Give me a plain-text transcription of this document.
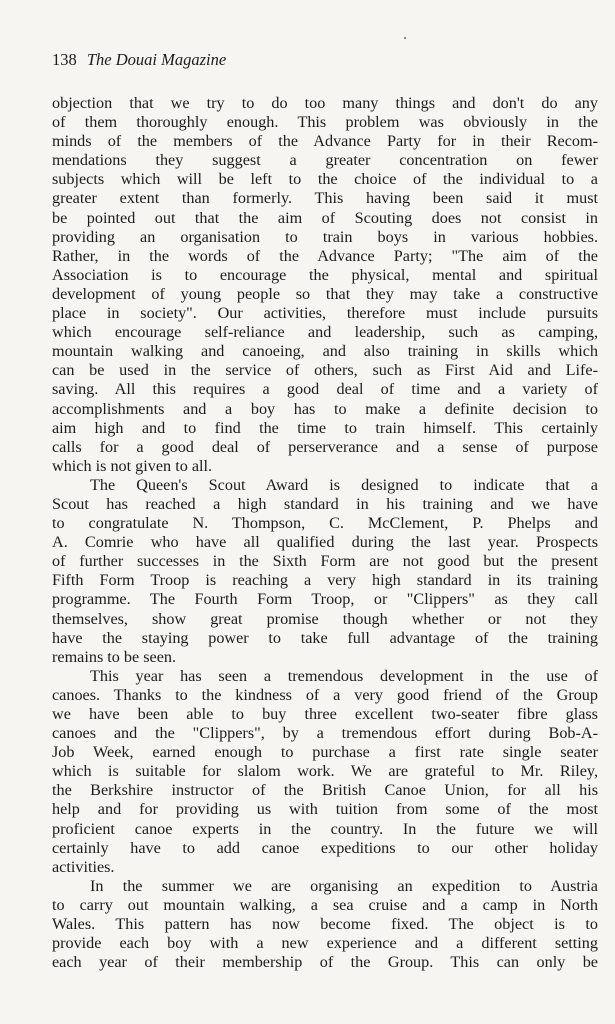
138 The Douai Magazine
objection that we try to do too many things and don't do any
of them thoroughly enough. This problem was obviously in the
minds of the members of the Advance Party for in their Recom-
mendations they suggest a greater concentration on fewer
subjects which will be left to the choice of the individual to a
greater extent than formerly. This having been said it must
be pointed out that the aim of Scouting does not consist in
providing an organisation to train boys in various hobbies.
Rather, in the words of the Advance Party; "The aim of the
Association is to encourage the physical, mental and spiritual
development of young people so that they may take a constructive
place in society". Our activities, therefore must include pursuits
which encourage self-reliance and leadership, such as camping,
mountain walking and canoeing, and also training in skills which
can be used in the service of others, such as First Aid and Life-
saving. All this requires a good deal of time and a variety of
accomplishments and a boy has to make a definite decision to
aim high and to find the time to train himself. This certainly
calls for a good deal of perserverance and a sense of purpose
which is not given to all.
The Queen's Scout Award is designed to indicate that a
Scout has reached a high standard in his training and we have
to congratulate N. Thompson, C. McClement, P. Phelps and
A. Comrie who have all qualified during the last year. Prospects
of further successes in the Sixth Form are not good but the present
Fifth Form Troop is reaching a very high standard in its training
programme. The Fourth Form Troop, or "Clippers" as they call
themselves, show great promise though whether or not they
have the staying power to take full advantage of the training
remains to be seen.
This year has seen a tremendous development in the use of
canoes. Thanks to the kindness of a very good friend of the Group
we have been able to buy three excellent two-seater fibre glass
canoes and the "Clippers", by a tremendous effort during Bob-A-
Job Week, earned enough to purchase a first rate single seater
which is suitable for slalom work. We are grateful to Mr. Riley,
the Berkshire instructor of the British Canoe Union, for all his
help and for providing us with tuition from some of the most
proficient canoe experts in the country. In the future we will
certainly have to add canoe expeditions to our other holiday
activities.
In the summer we are organising an expedition to Austria
to carry out mountain walking, a sea cruise and a camp in North
Wales. This pattern has now become fixed. The object is to
provide each boy with a new experience and a different setting
each year of their membership of the Group. This can only be
